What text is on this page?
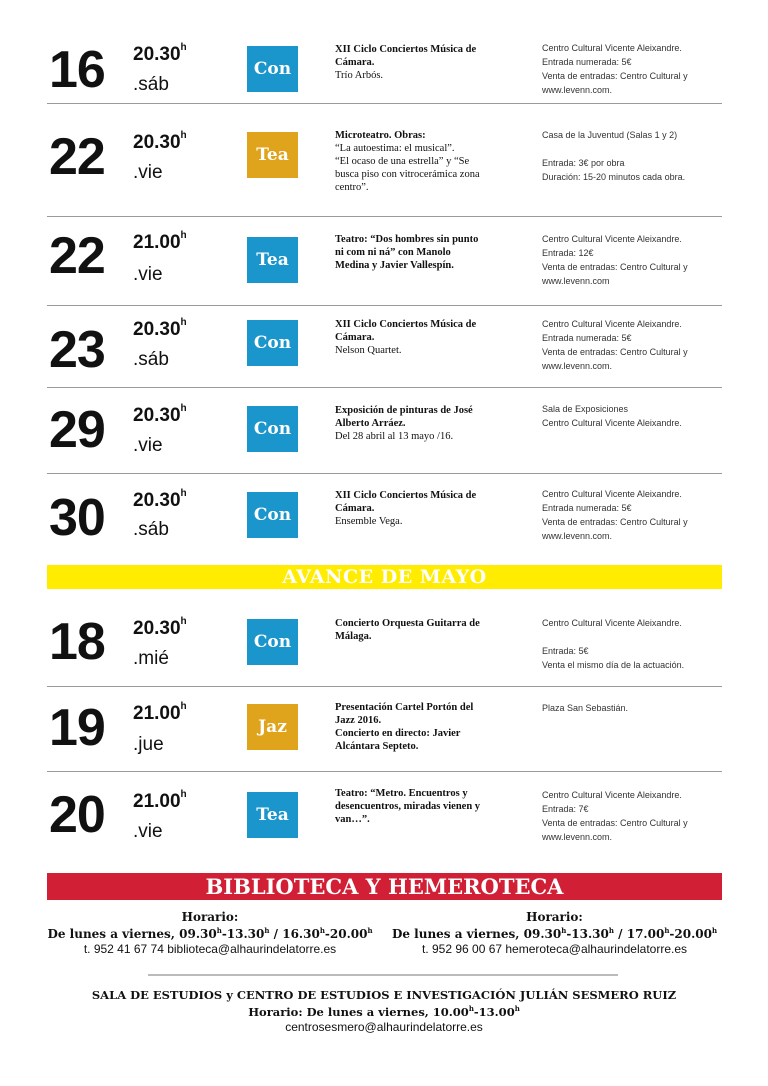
16 20.30$^h$
.sáb
Con
XII Ciclo Conciertos Música de
Cámara.
Trío Arbós.
Centro Cultural Vicente Aleixandre.
Entrada numerada: 5€
Venta de entradas: Centro Cultural y
www.levenn.com.
22 20.30$^h$
.vie
Tea
Microteatro. Obras:
“La autoestima: el musical”.
“El ocaso de una estrella” y “Se
busca piso con vitrocerámica zona
centro”.
Casa de la Juventud (Salas 1 y 2)
Entrada: 3€ por obra
Duración: 15-20 minutos cada obra.
22 21.00$^h$
.vie
Tea
Teatro: “Dos hombres sin punto
ni com ni ná” con Manolo
Medina y Javier Vallespín.
Centro Cultural Vicente Aleixandre.
Entrada: 12€
Venta de entradas: Centro Cultural y
www.levenn.com
23 20.30$^h$
.sáb
Con
XII Ciclo Conciertos Música de
Cámara.
Nelson Quartet.
Centro Cultural Vicente Aleixandre.
Entrada numerada: 5€
Venta de entradas: Centro Cultural y
www.levenn.com.
29 20.30$^h$
.vie
Con
Exposición de pinturas de José
Alberto Arráez.
Del 28 abril al 13 mayo /16.
Sala de Exposiciones
Centro Cultural Vicente Aleixandre.
30 20.30$^h$
.sáb
Con
XII Ciclo Conciertos Música de
Cámara.
Ensemble Vega.
Centro Cultural Vicente Aleixandre.
Entrada numerada: 5€
Venta de entradas: Centro Cultural y
www.levenn.com.
AVANCE DE MAYO
18 20.30$^h$
.mié
Con
Concierto Orquesta Guitarra de
Málaga.
Centro Cultural Vicente Aleixandre.
Entrada: 5€
Venta el mismo día de la actuación.
19 21.00$^h$
.jue
Jaz
Presentación Cartel Portón del
Jazz 2016.
Concierto en directo: Javier
Alcántara Septeto.
Plaza San Sebastián.
20 21.00$^h$
.vie
Tea
Teatro: “Metro. Encuentros y
desencuentros, miradas vienen y
van…”.
Centro Cultural Vicente Aleixandre.
Entrada: 7€
Venta de entradas: Centro Cultural y
www.levenn.com.
BIBLIOTECA Y HEMEROTECA
Horario:
De lunes a viernes, 09.30$^h$-13.30$^h$ / 16.30$^h$-20.00$^h$
t. 952 41 67 74 biblioteca@alhaurindelatorre.es
Horario:
De lunes a viernes, 09.30$^h$-13.30$^h$ / 17.00$^h$-20.00$^h$
t. 952 96 00 67 hemeroteca@alhaurindelatorre.es
SALA DE ESTUDIOS y CENTRO DE ESTUDIOS E INVESTIGACIÓN JULIÁN SESMERO RUIZ
Horario: De lunes a viernes, 10.00$^h$-13.00$^h$
centrosesmero@alhaurindelatorre.es
